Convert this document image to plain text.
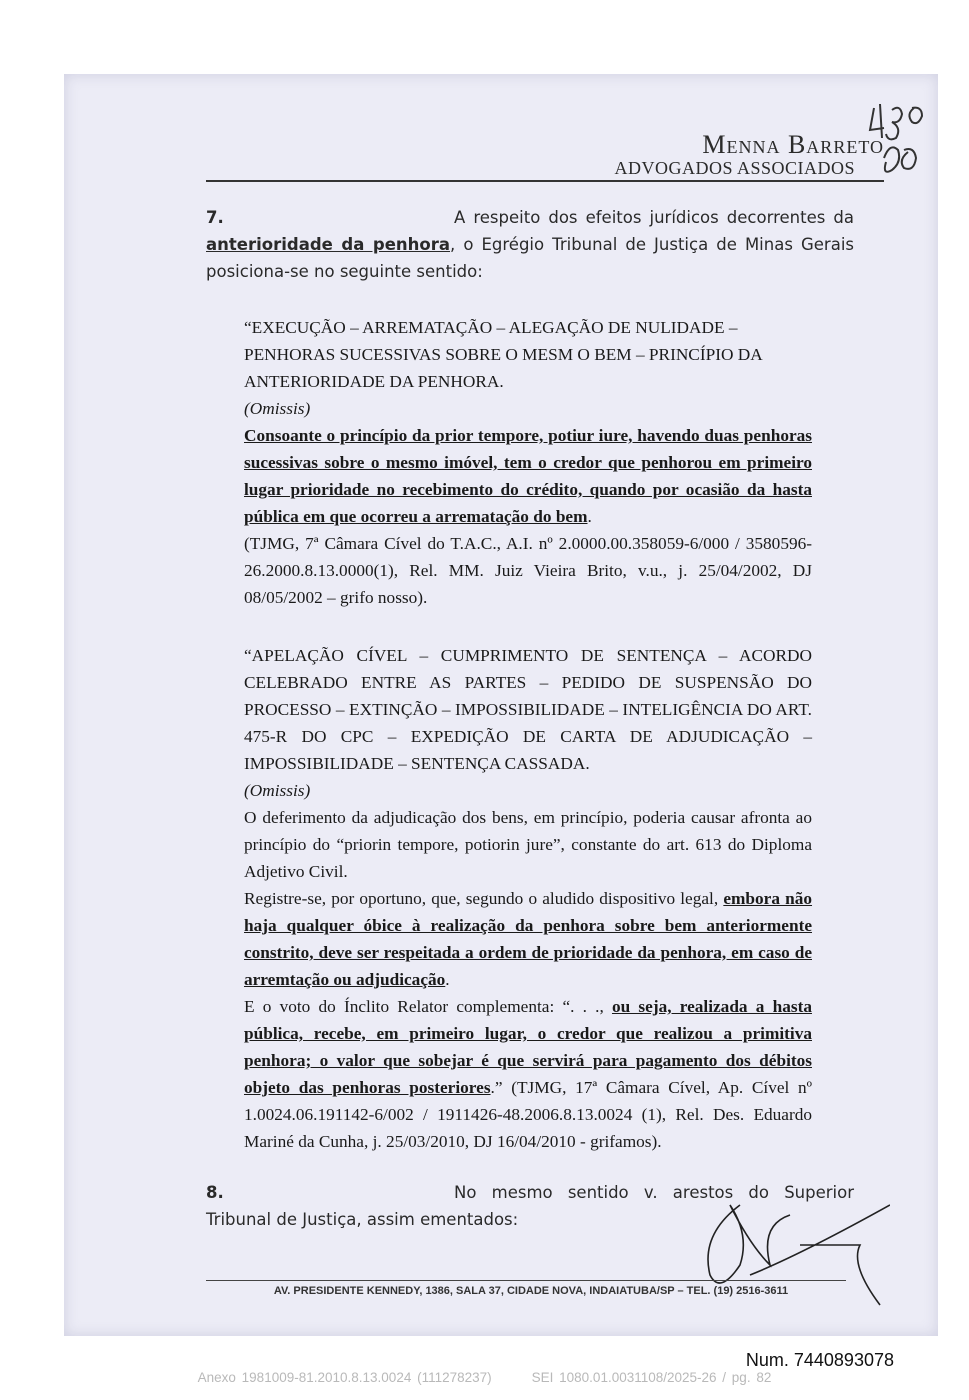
Menna Barreto
ADVOGADOS ASSOCIADOS
7.	A respeito dos efeitos jurídicos decorrentes da anterioridade da penhora, o Egrégio Tribunal de Justiça de Minas Gerais posiciona-se no seguinte sentido:

“EXECUÇÃO – ARREMATAÇÃO – ALEGAÇÃO DE NULIDADE – PENHORAS SUCESSIVAS SOBRE O MESM O BEM – PRINCÍPIO DA ANTERIORIDADE DA PENHORA.

(Omissis)

Consoante o princípio da prior tempore, potiur iure, havendo duas penhoras sucessivas sobre o mesmo imóvel, tem o credor que penhorou em primeiro lugar prioridade no recebimento do crédito, quando por ocasião da hasta pública em que ocorreu a arrematação do bem.

(TJMG, 7ª Câmara Cível do T.A.C., A.I. nº 2.0000.00.358059-6/000 / 3580596-26.2000.8.13.0000(1), Rel. MM. Juiz Vieira Brito, v.u., j. 25/04/2002, DJ 08/05/2002 – grifo nosso).

“APELAÇÃO CÍVEL – CUMPRIMENTO DE SENTENÇA – ACORDO CELEBRADO ENTRE AS PARTES – PEDIDO DE SUSPENSÃO DO PROCESSO – EXTINÇÃO – IMPOSSIBILIDADE – INTELIGÊNCIA DO ART. 475-R DO CPC – EXPEDIÇÃO DE CARTA DE ADJUDICAÇÃO – IMPOSSIBILIDADE – SENTENÇA CASSADA.

(Omissis)

O deferimento da adjudicação dos bens, em princípio, poderia causar afronta ao princípio do “priorin tempore, potiorin jure”, constante do art. 613 do Diploma Adjetivo Civil.

Registre-se, por oportuno, que, segundo o aludido dispositivo legal, embora não haja qualquer óbice à realização da penhora sobre bem anteriormente constrito, deve ser respeitada a ordem de prioridade da penhora, em caso de arremtação ou adjudicação.

E o voto do Ínclito Relator complementa: “. . ., ou seja, realizada a hasta pública, recebe, em primeiro lugar, o credor que realizou a primitiva penhora; o valor que sobejar é que servirá para pagamento dos débitos objeto das penhoras posteriores.” (TJMG, 17ª Câmara Cível, Ap. Cível nº 1.0024.06.191142-6/002 / 1911426-48.2006.8.13.0024 (1), Rel. Des. Eduardo Mariné da Cunha, j. 25/03/2010, DJ 16/04/2010 - grifamos).

8.	No mesmo sentido v. arestos do Superior Tribunal de Justiça, assim ementados:
AV. PRESIDENTE KENNEDY, 1386, SALA 37, CIDADE NOVA, INDAIATUBA/SP – TEL. (19) 2516-3611
Num. 7440893078
Anexo 1981009-81.2010.8.13.0024 (111278237)	SEI 1080.01.0031108/2025-26 / pg. 82
